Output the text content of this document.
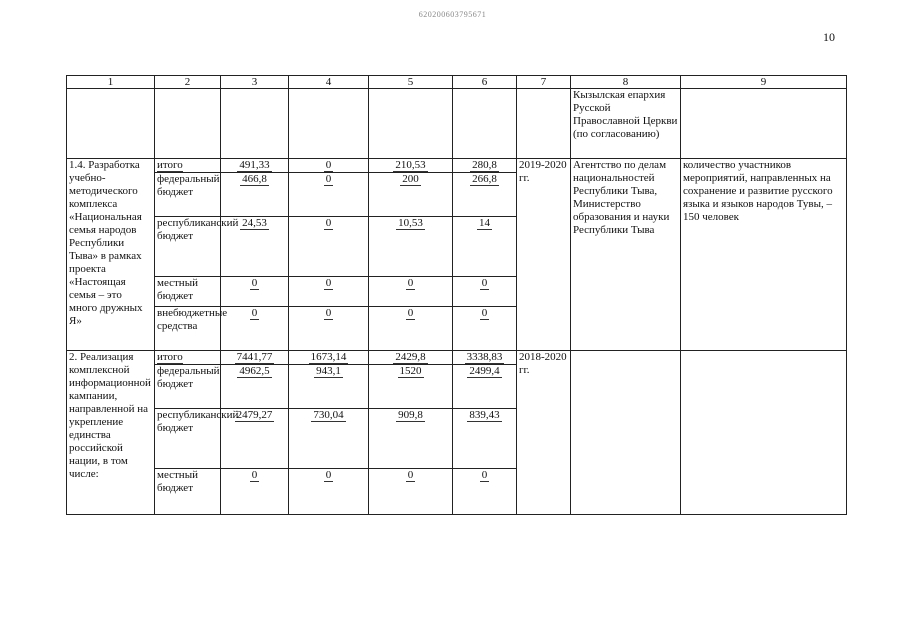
620200603795671
10
1	2	3	4	5	6	7	8	9
							Кызылская епархия Русской Православной Церкви (по согласованию)	
1.4. Разработка учебно-методического комплекса «Национальная семья народов Республики Тыва» в рамках проекта «Настоящая семья – это много дружных Я»	итого	491,33	0	210,53	280,8	2019-2020 гг.	Агентство по делам национальностей Республики Тыва, Министерство образования и науки Республики Тыва	количество участников мероприятий, направленных на сохранение и развитие русского языка и языков народов Тувы, – 150 человек
	федеральный бюджет	466,8	0	200	266,8			
	республиканский бюджет	24,53	0	10,53	14			
	местный бюджет	0	0	0	0			
	внебюджетные средства	0	0	0	0			
2. Реализация комплексной информационной кампании, направленной на укрепление единства российской нации, в том числе:	итого	7441,77	1673,14	2429,8	3338,83	2018-2020 гг.		
	федеральный бюджет	4962,5	943,1	1520	2499,4			
	республиканский бюджет	2479,27	730,04	909,8	839,43			
	местный бюджет	0	0	0	0			
